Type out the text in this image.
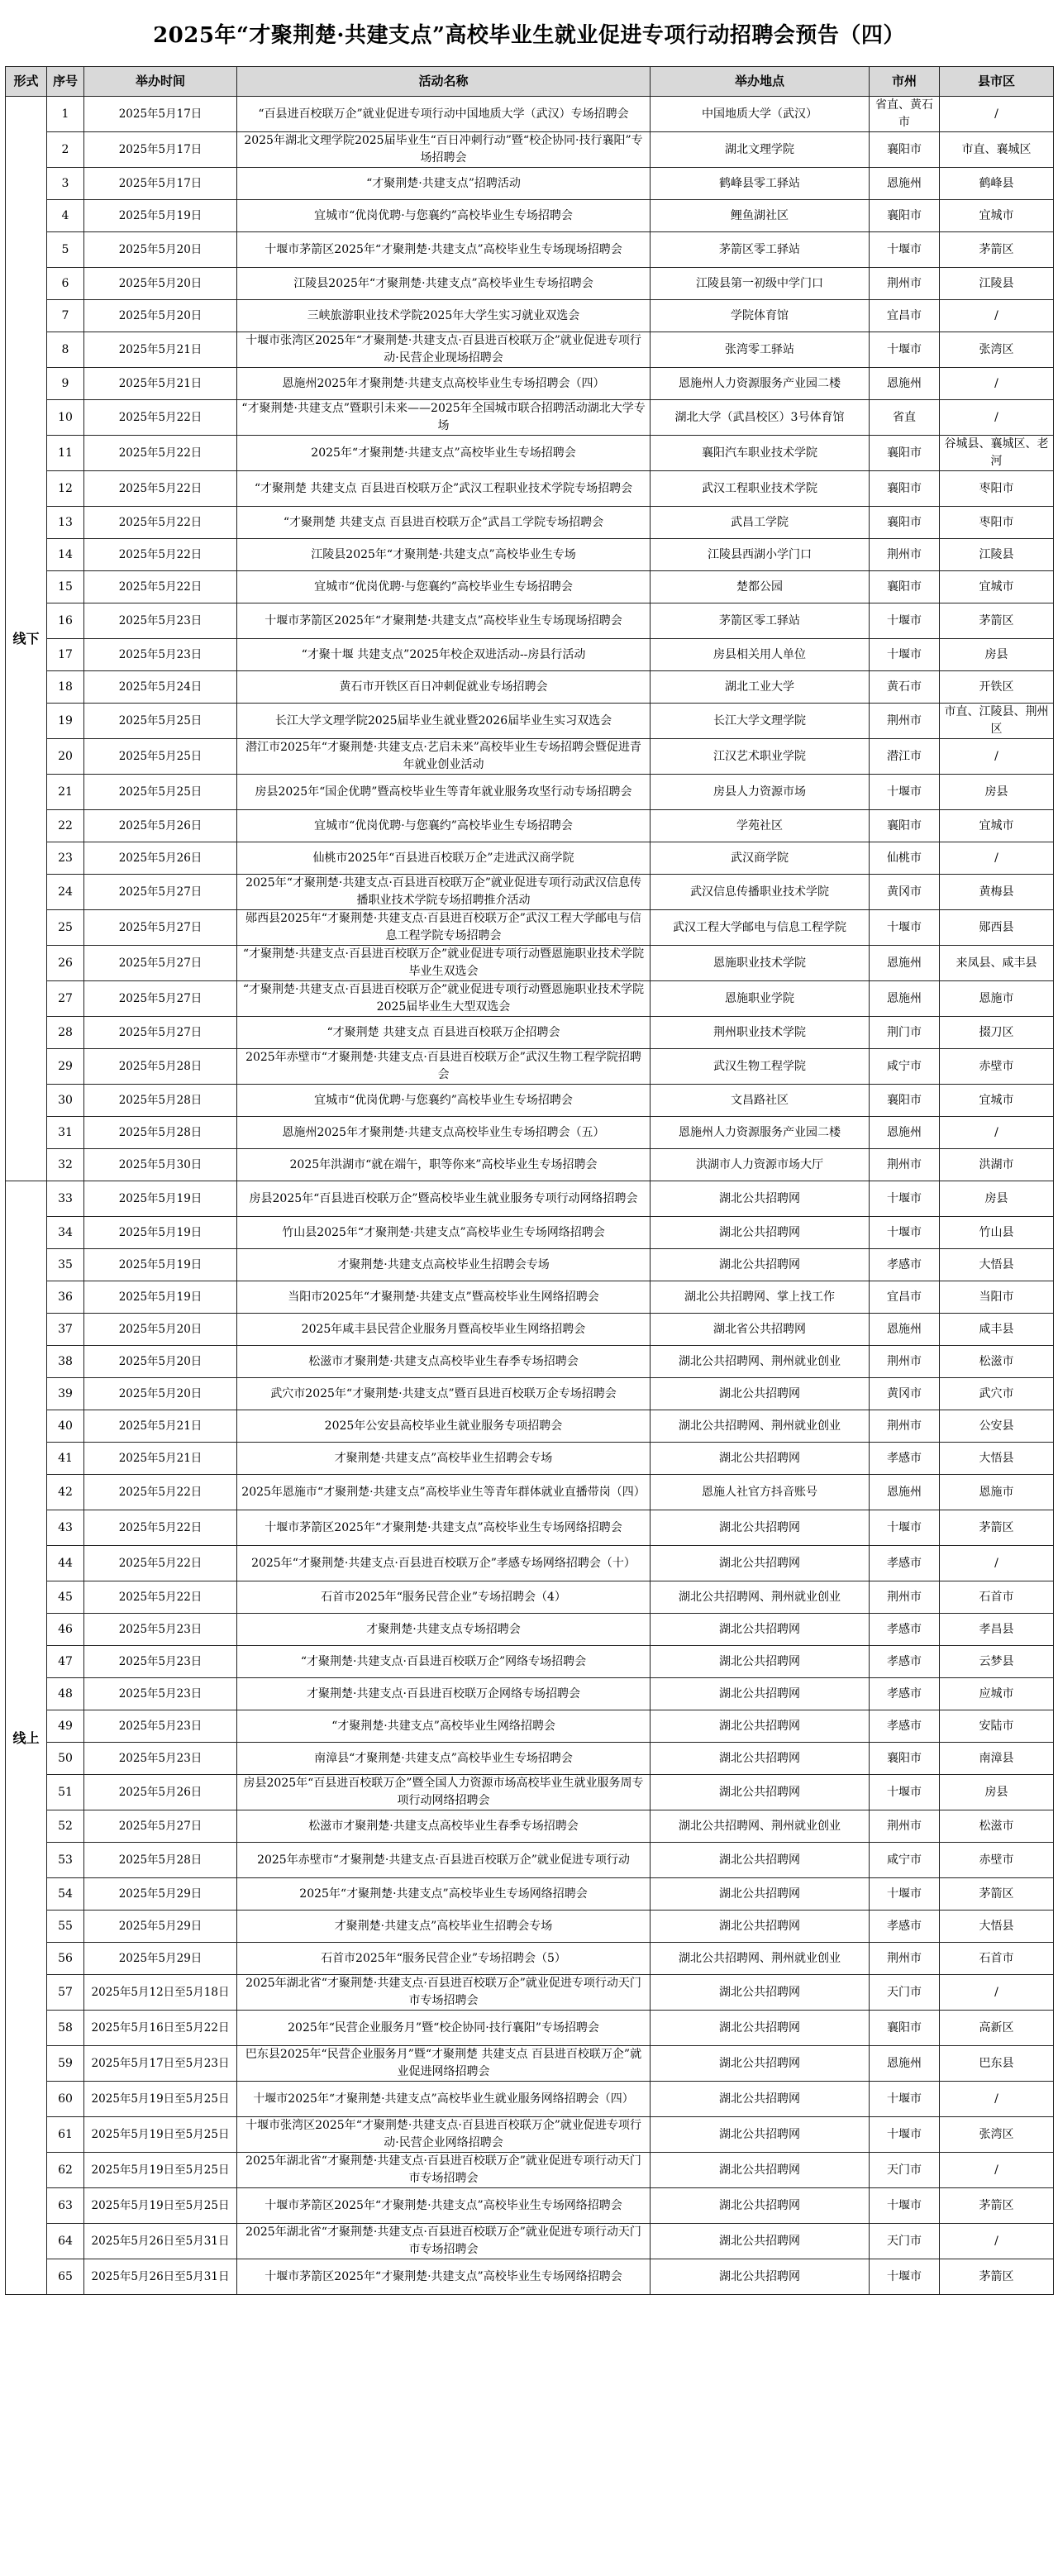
2025年“才聚荆楚·共建支点”高校毕业生就业促进专项行动招聘会预告（四）
形式	序号	举办时间	活动名称	举办地点	市州	县市区
线下	1	2025年5月17日	“百县进百校联万企”就业促进专项行动中国地质大学（武汉）专场招聘会	中国地质大学（武汉）	省直、黄石市	/
	2	2025年5月17日	2025年湖北文理学院2025届毕业生“百日冲刺行动”暨“校企协同·技行襄阳”专场招聘会	湖北文理学院	襄阳市	市直、襄城区
	3	2025年5月17日	“才聚荆楚·共建支点”招聘活动	鹤峰县零工驿站	恩施州	鹤峰县
	4	2025年5月19日	宜城市“优岗优聘·与您襄约”高校毕业生专场招聘会	鲤鱼湖社区	襄阳市	宜城市
	5	2025年5月20日	十堰市茅箭区2025年“才聚荆楚·共建支点”高校毕业生专场现场招聘会	茅箭区零工驿站	十堰市	茅箭区
	6	2025年5月20日	江陵县2025年“才聚荆楚·共建支点”高校毕业生专场招聘会	江陵县第一初级中学门口	荆州市	江陵县
	7	2025年5月20日	三峡旅游职业技术学院2025年大学生实习就业双选会	学院体育馆	宜昌市	/
	8	2025年5月21日	十堰市张湾区2025年“才聚荆楚·共建支点·百县进百校联万企”就业促进专项行动·民营企业现场招聘会	张湾零工驿站	十堰市	张湾区
	9	2025年5月21日	恩施州2025年才聚荆楚·共建支点高校毕业生专场招聘会（四）	恩施州人力资源服务产业园二楼	恩施州	/
	10	2025年5月22日	“才聚荆楚·共建支点”暨职引未来——2025年全国城市联合招聘活动湖北大学专场	湖北大学（武昌校区）3号体育馆	省直	/
	11	2025年5月22日	2025年“才聚荆楚·共建支点”高校毕业生专场招聘会	襄阳汽车职业技术学院	襄阳市	谷城县、襄城区、老河
	12	2025年5月22日	“才聚荆楚 共建支点 百县进百校联万企”武汉工程职业技术学院专场招聘会	武汉工程职业技术学院	襄阳市	枣阳市
	13	2025年5月22日	“才聚荆楚 共建支点 百县进百校联万企”武昌工学院专场招聘会	武昌工学院	襄阳市	枣阳市
	14	2025年5月22日	江陵县2025年“才聚荆楚·共建支点”高校毕业生专场	江陵县西湖小学门口	荆州市	江陵县
	15	2025年5月22日	宜城市“优岗优聘·与您襄约”高校毕业生专场招聘会	楚都公园	襄阳市	宜城市
	16	2025年5月23日	十堰市茅箭区2025年“才聚荆楚·共建支点”高校毕业生专场现场招聘会	茅箭区零工驿站	十堰市	茅箭区
	17	2025年5月23日	“才聚十堰 共建支点”2025年校企双进活动--房县行活动	房县相关用人单位	十堰市	房县
	18	2025年5月24日	黄石市开铁区百日冲刺促就业专场招聘会	湖北工业大学	黄石市	开铁区
	19	2025年5月25日	长江大学文理学院2025届毕业生就业暨2026届毕业生实习双选会	长江大学文理学院	荆州市	市直、江陵县、荆州区
	20	2025年5月25日	潜江市2025年“才聚荆楚·共建支点·艺启未来”高校毕业生专场招聘会暨促进青年就业创业活动	江汉艺术职业学院	潜江市	/
	21	2025年5月25日	房县2025年“国企优聘”暨高校毕业生等青年就业服务攻坚行动专场招聘会	房县人力资源市场	十堰市	房县
	22	2025年5月26日	宜城市“优岗优聘·与您襄约”高校毕业生专场招聘会	学苑社区	襄阳市	宜城市
	23	2025年5月26日	仙桃市2025年“百县进百校联万企”走进武汉商学院	武汉商学院	仙桃市	/
	24	2025年5月27日	2025年“才聚荆楚·共建支点·百县进百校联万企”就业促进专项行动武汉信息传播职业技术学院专场招聘推介活动	武汉信息传播职业技术学院	黄冈市	黄梅县
	25	2025年5月27日	郧西县2025年“才聚荆楚·共建支点·百县进百校联万企”武汉工程大学邮电与信息工程学院专场招聘会	武汉工程大学邮电与信息工程学院	十堰市	郧西县
	26	2025年5月27日	“才聚荆楚·共建支点·百县进百校联万企”就业促进专项行动暨恩施职业技术学院毕业生双选会	恩施职业技术学院	恩施州	来凤县、咸丰县
	27	2025年5月27日	“才聚荆楚·共建支点·百县进百校联万企”就业促进专项行动暨恩施职业技术学院2025届毕业生大型双选会	恩施职业学院	恩施州	恩施市
	28	2025年5月27日	“才聚荆楚 共建支点 百县进百校联万企招聘会	荆州职业技术学院	荆门市	掇刀区
	29	2025年5月28日	2025年赤壁市“才聚荆楚·共建支点·百县进百校联万企”武汉生物工程学院招聘会	武汉生物工程学院	咸宁市	赤壁市
	30	2025年5月28日	宜城市“优岗优聘·与您襄约”高校毕业生专场招聘会	文昌路社区	襄阳市	宜城市
	31	2025年5月28日	恩施州2025年才聚荆楚·共建支点高校毕业生专场招聘会（五）	恩施州人力资源服务产业园二楼	恩施州	/
	32	2025年5月30日	2025年洪湖市“就在端午，职等你来”高校毕业生专场招聘会	洪湖市人力资源市场大厅	荆州市	洪湖市
线上	33	2025年5月19日	房县2025年“百县进百校联万企”暨高校毕业生就业服务专项行动网络招聘会	湖北公共招聘网	十堰市	房县
	34	2025年5月19日	竹山县2025年“才聚荆楚·共建支点”高校毕业生专场网络招聘会	湖北公共招聘网	十堰市	竹山县
	35	2025年5月19日	才聚荆楚·共建支点高校毕业生招聘会专场	湖北公共招聘网	孝感市	大悟县
	36	2025年5月19日	当阳市2025年“才聚荆楚·共建支点”暨高校毕业生网络招聘会	湖北公共招聘网、掌上找工作	宜昌市	当阳市
	37	2025年5月20日	2025年咸丰县民营企业服务月暨高校毕业生网络招聘会	湖北省公共招聘网	恩施州	咸丰县
	38	2025年5月20日	松滋市才聚荆楚·共建支点高校毕业生春季专场招聘会	湖北公共招聘网、荆州就业创业	荆州市	松滋市
	39	2025年5月20日	武穴市2025年“才聚荆楚·共建支点”暨百县进百校联万企专场招聘会	湖北公共招聘网	黄冈市	武穴市
	40	2025年5月21日	2025年公安县高校毕业生就业服务专项招聘会	湖北公共招聘网、荆州就业创业	荆州市	公安县
	41	2025年5月21日	才聚荆楚·共建支点”高校毕业生招聘会专场	湖北公共招聘网	孝感市	大悟县
	42	2025年5月22日	2025年恩施市“才聚荆楚·共建支点”高校毕业生等青年群体就业直播带岗（四）	恩施人社官方抖音账号	恩施州	恩施市
	43	2025年5月22日	十堰市茅箭区2025年“才聚荆楚·共建支点”高校毕业生专场网络招聘会	湖北公共招聘网	十堰市	茅箭区
	44	2025年5月22日	2025年“才聚荆楚·共建支点·百县进百校联万企”孝感专场网络招聘会（十）	湖北公共招聘网	孝感市	/
	45	2025年5月22日	石首市2025年“服务民营企业”专场招聘会（4）	湖北公共招聘网、荆州就业创业	荆州市	石首市
	46	2025年5月23日	才聚荆楚·共建支点专场招聘会	湖北公共招聘网	孝感市	孝昌县
	47	2025年5月23日	“才聚荆楚·共建支点·百县进百校联万企”网络专场招聘会	湖北公共招聘网	孝感市	云梦县
	48	2025年5月23日	才聚荆楚·共建支点·百县进百校联万企网络专场招聘会	湖北公共招聘网	孝感市	应城市
	49	2025年5月23日	“才聚荆楚·共建支点”高校毕业生网络招聘会	湖北公共招聘网	孝感市	安陆市
	50	2025年5月23日	南漳县“才聚荆楚·共建支点”高校毕业生专场招聘会	湖北公共招聘网	襄阳市	南漳县
	51	2025年5月26日	房县2025年“百县进百校联万企”暨全国人力资源市场高校毕业生就业服务周专项行动网络招聘会	湖北公共招聘网	十堰市	房县
	52	2025年5月27日	松滋市才聚荆楚·共建支点高校毕业生春季专场招聘会	湖北公共招聘网、荆州就业创业	荆州市	松滋市
	53	2025年5月28日	2025年赤壁市“才聚荆楚·共建支点·百县进百校联万企”就业促进专项行动	湖北公共招聘网	咸宁市	赤壁市
	54	2025年5月29日	2025年“才聚荆楚·共建支点”高校毕业生专场网络招聘会	湖北公共招聘网	十堰市	茅箭区
	55	2025年5月29日	才聚荆楚·共建支点”高校毕业生招聘会专场	湖北公共招聘网	孝感市	大悟县
	56	2025年5月29日	石首市2025年“服务民营企业”专场招聘会（5）	湖北公共招聘网、荆州就业创业	荆州市	石首市
	57	2025年5月12日至5月18日	2025年湖北省“才聚荆楚·共建支点·百县进百校联万企”就业促进专项行动天门市专场招聘会	湖北公共招聘网	天门市	/
	58	2025年5月16日至5月22日	2025年“民营企业服务月”暨“校企协同·技行襄阳”专场招聘会	湖北公共招聘网	襄阳市	高新区
	59	2025年5月17日至5月23日	巴东县2025年“民营企业服务月”暨“才聚荆楚 共建支点 百县进百校联万企”就业促进网络招聘会	湖北公共招聘网	恩施州	巴东县
	60	2025年5月19日至5月25日	十堰市2025年“才聚荆楚·共建支点”高校毕业生就业服务网络招聘会（四）	湖北公共招聘网	十堰市	/
	61	2025年5月19日至5月25日	十堰市张湾区2025年“才聚荆楚·共建支点·百县进百校联万企”就业促进专项行动·民营企业网络招聘会	湖北公共招聘网	十堰市	张湾区
	62	2025年5月19日至5月25日	2025年湖北省“才聚荆楚·共建支点·百县进百校联万企”就业促进专项行动天门市专场招聘会	湖北公共招聘网	天门市	/
	63	2025年5月19日至5月25日	十堰市茅箭区2025年“才聚荆楚·共建支点”高校毕业生专场网络招聘会	湖北公共招聘网	十堰市	茅箭区
	64	2025年5月26日至5月31日	2025年湖北省“才聚荆楚·共建支点·百县进百校联万企”就业促进专项行动天门市专场招聘会	湖北公共招聘网	天门市	/
	65	2025年5月26日至5月31日	十堰市茅箭区2025年“才聚荆楚·共建支点”高校毕业生专场网络招聘会	湖北公共招聘网	十堰市	茅箭区
